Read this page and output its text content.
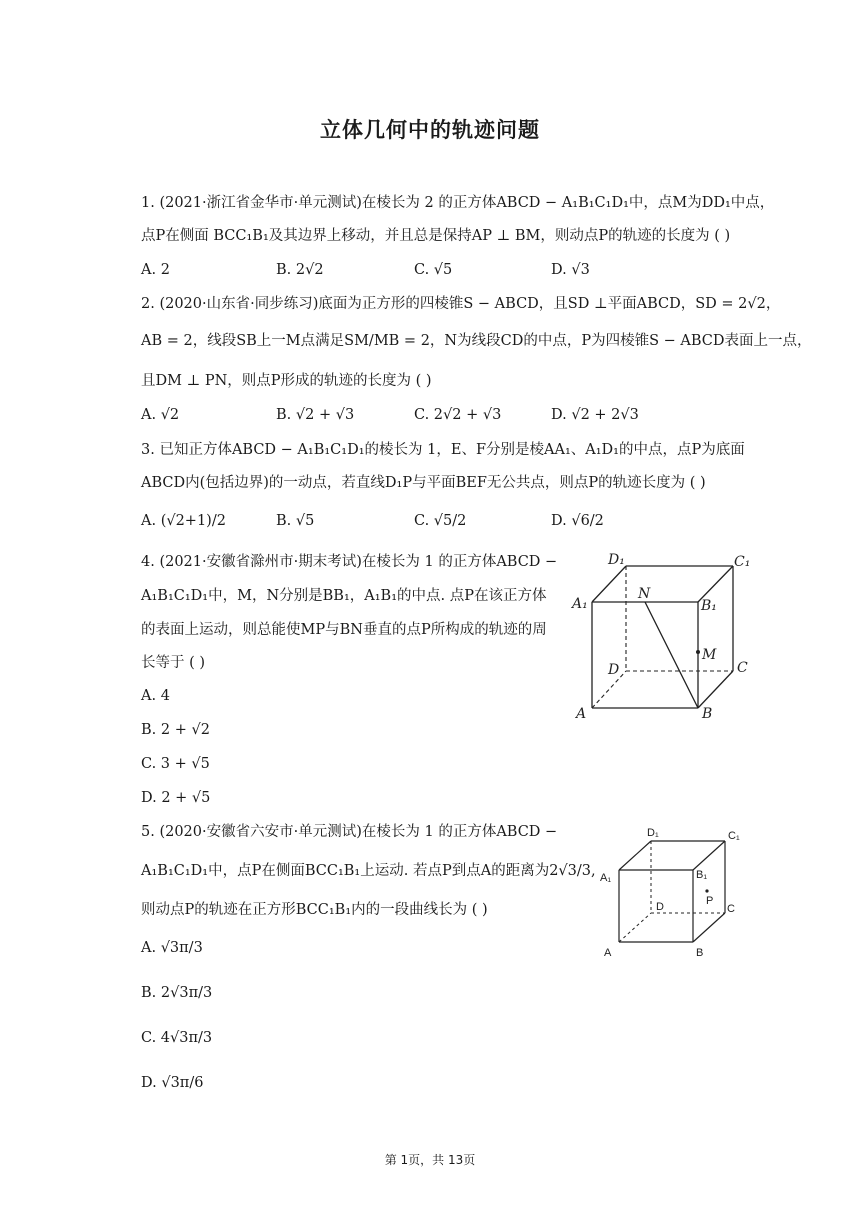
立体几何中的轨迹问题
1. (2021·浙江省金华市·单元测试)在棱长为 2 的正方体ABCD − A₁B₁C₁D₁中，点M为DD₁中点，
点P在侧面 BCC₁B₁及其边界上移动，并且总是保持AP ⊥ BM，则动点P的轨迹的长度为 ( )
A. 2	B. 2√2	C. √5	D. √3
2. (2020·山东省·同步练习)底面为正方形的四棱锥S − ABCD，且SD ⊥平面ABCD，SD = 2√2，
AB = 2，线段SB上一M点满足SM/MB = 2，N为线段CD的中点，P为四棱锥S − ABCD表面上一点，
且DM ⊥ PN，则点P形成的轨迹的长度为 ( )
A. √2	B. √2 + √3	C. 2√2 + √3	D. √2 + 2√3
3. 已知正方体ABCD − A₁B₁C₁D₁的棱长为 1，E、F分别是棱AA₁、A₁D₁的中点，点P为底面
ABCD内(包括边界)的一动点，若直线D₁P与平面BEF无公共点，则点P的轨迹长度为 ( )
A. (√2+1)/2	B. √5	C. √5/2	D. √6/2
4. (2021·安徽省滁州市·期末考试)在棱长为 1 的正方体ABCD −
A₁B₁C₁D₁中，M，N分别是BB₁，A₁B₁的中点. 点P在该正方体
的表面上运动，则总能使MP与BN垂直的点P所构成的轨迹的周
长等于 ( )
A. 4
B. 2 + √2
C. 3 + √5
D. 2 + √5
D₁	C₁
A₁
N
B₁
M
D	C
A	B
5. (2020·安徽省六安市·单元测试)在棱长为 1 的正方体ABCD −
A₁B₁C₁D₁中，点P在侧面BCC₁B₁上运动. 若点P到点A的距离为2√3/3,
则动点P的轨迹在正方形BCC₁B₁内的一段曲线长为 ( )
A. √3π/3
B. 2√3π/3
C. 4√3π/3
D. √3π/6
D₁	C₁
A₁	B₁
P
D	C
A	B
第 1页，共 13页
